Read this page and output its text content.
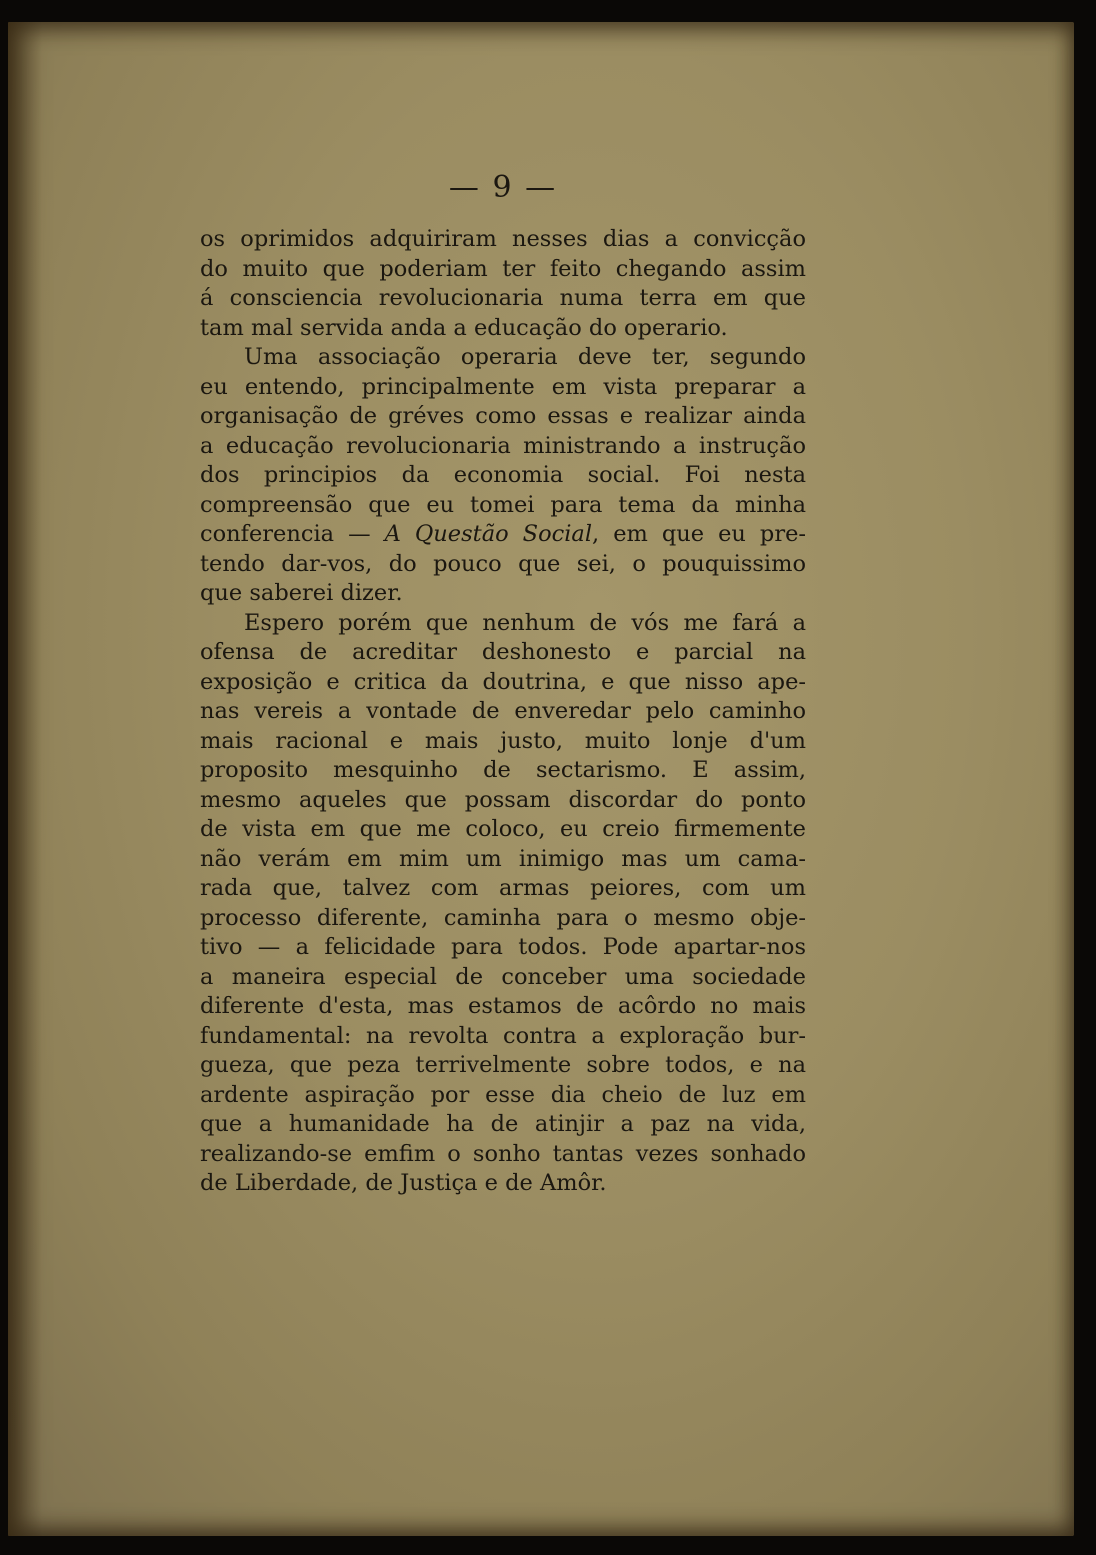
— 9 —
os oprimidos adquiriram nesses dias a convicção
do muito que poderiam ter feito chegando assim
á consciencia revolucionaria numa terra em que
tam mal servida anda a educação do operario.
Uma associação operaria deve ter, segundo
eu entendo, principalmente em vista preparar a
organisação de gréves como essas e realizar ainda
a educação revolucionaria ministrando a instrução
dos principios da economia social. Foi nesta
compreensão que eu tomei para tema da minha
conferencia — A Questão Social, em que eu pre-
tendo dar-vos, do pouco que sei, o pouquissimo
que saberei dizer.
Espero porém que nenhum de vós me fará a
ofensa de acreditar deshonesto e parcial na
exposição e critica da doutrina, e que nisso ape-
nas vereis a vontade de enveredar pelo caminho
mais racional e mais justo, muito lonje d'um
proposito mesquinho de sectarismo. E assim,
mesmo aqueles que possam discordar do ponto
de vista em que me coloco, eu creio firmemente
não verám em mim um inimigo mas um cama-
rada que, talvez com armas peiores, com um
processo diferente, caminha para o mesmo obje-
tivo — a felicidade para todos. Pode apartar-nos
a maneira especial de conceber uma sociedade
diferente d'esta, mas estamos de acôrdo no mais
fundamental: na revolta contra a exploração bur-
gueza, que peza terrivelmente sobre todos, e na
ardente aspiração por esse dia cheio de luz em
que a humanidade ha de atinjir a paz na vida,
realizando-se emfim o sonho tantas vezes sonhado
de Liberdade, de Justiça e de Amôr.
